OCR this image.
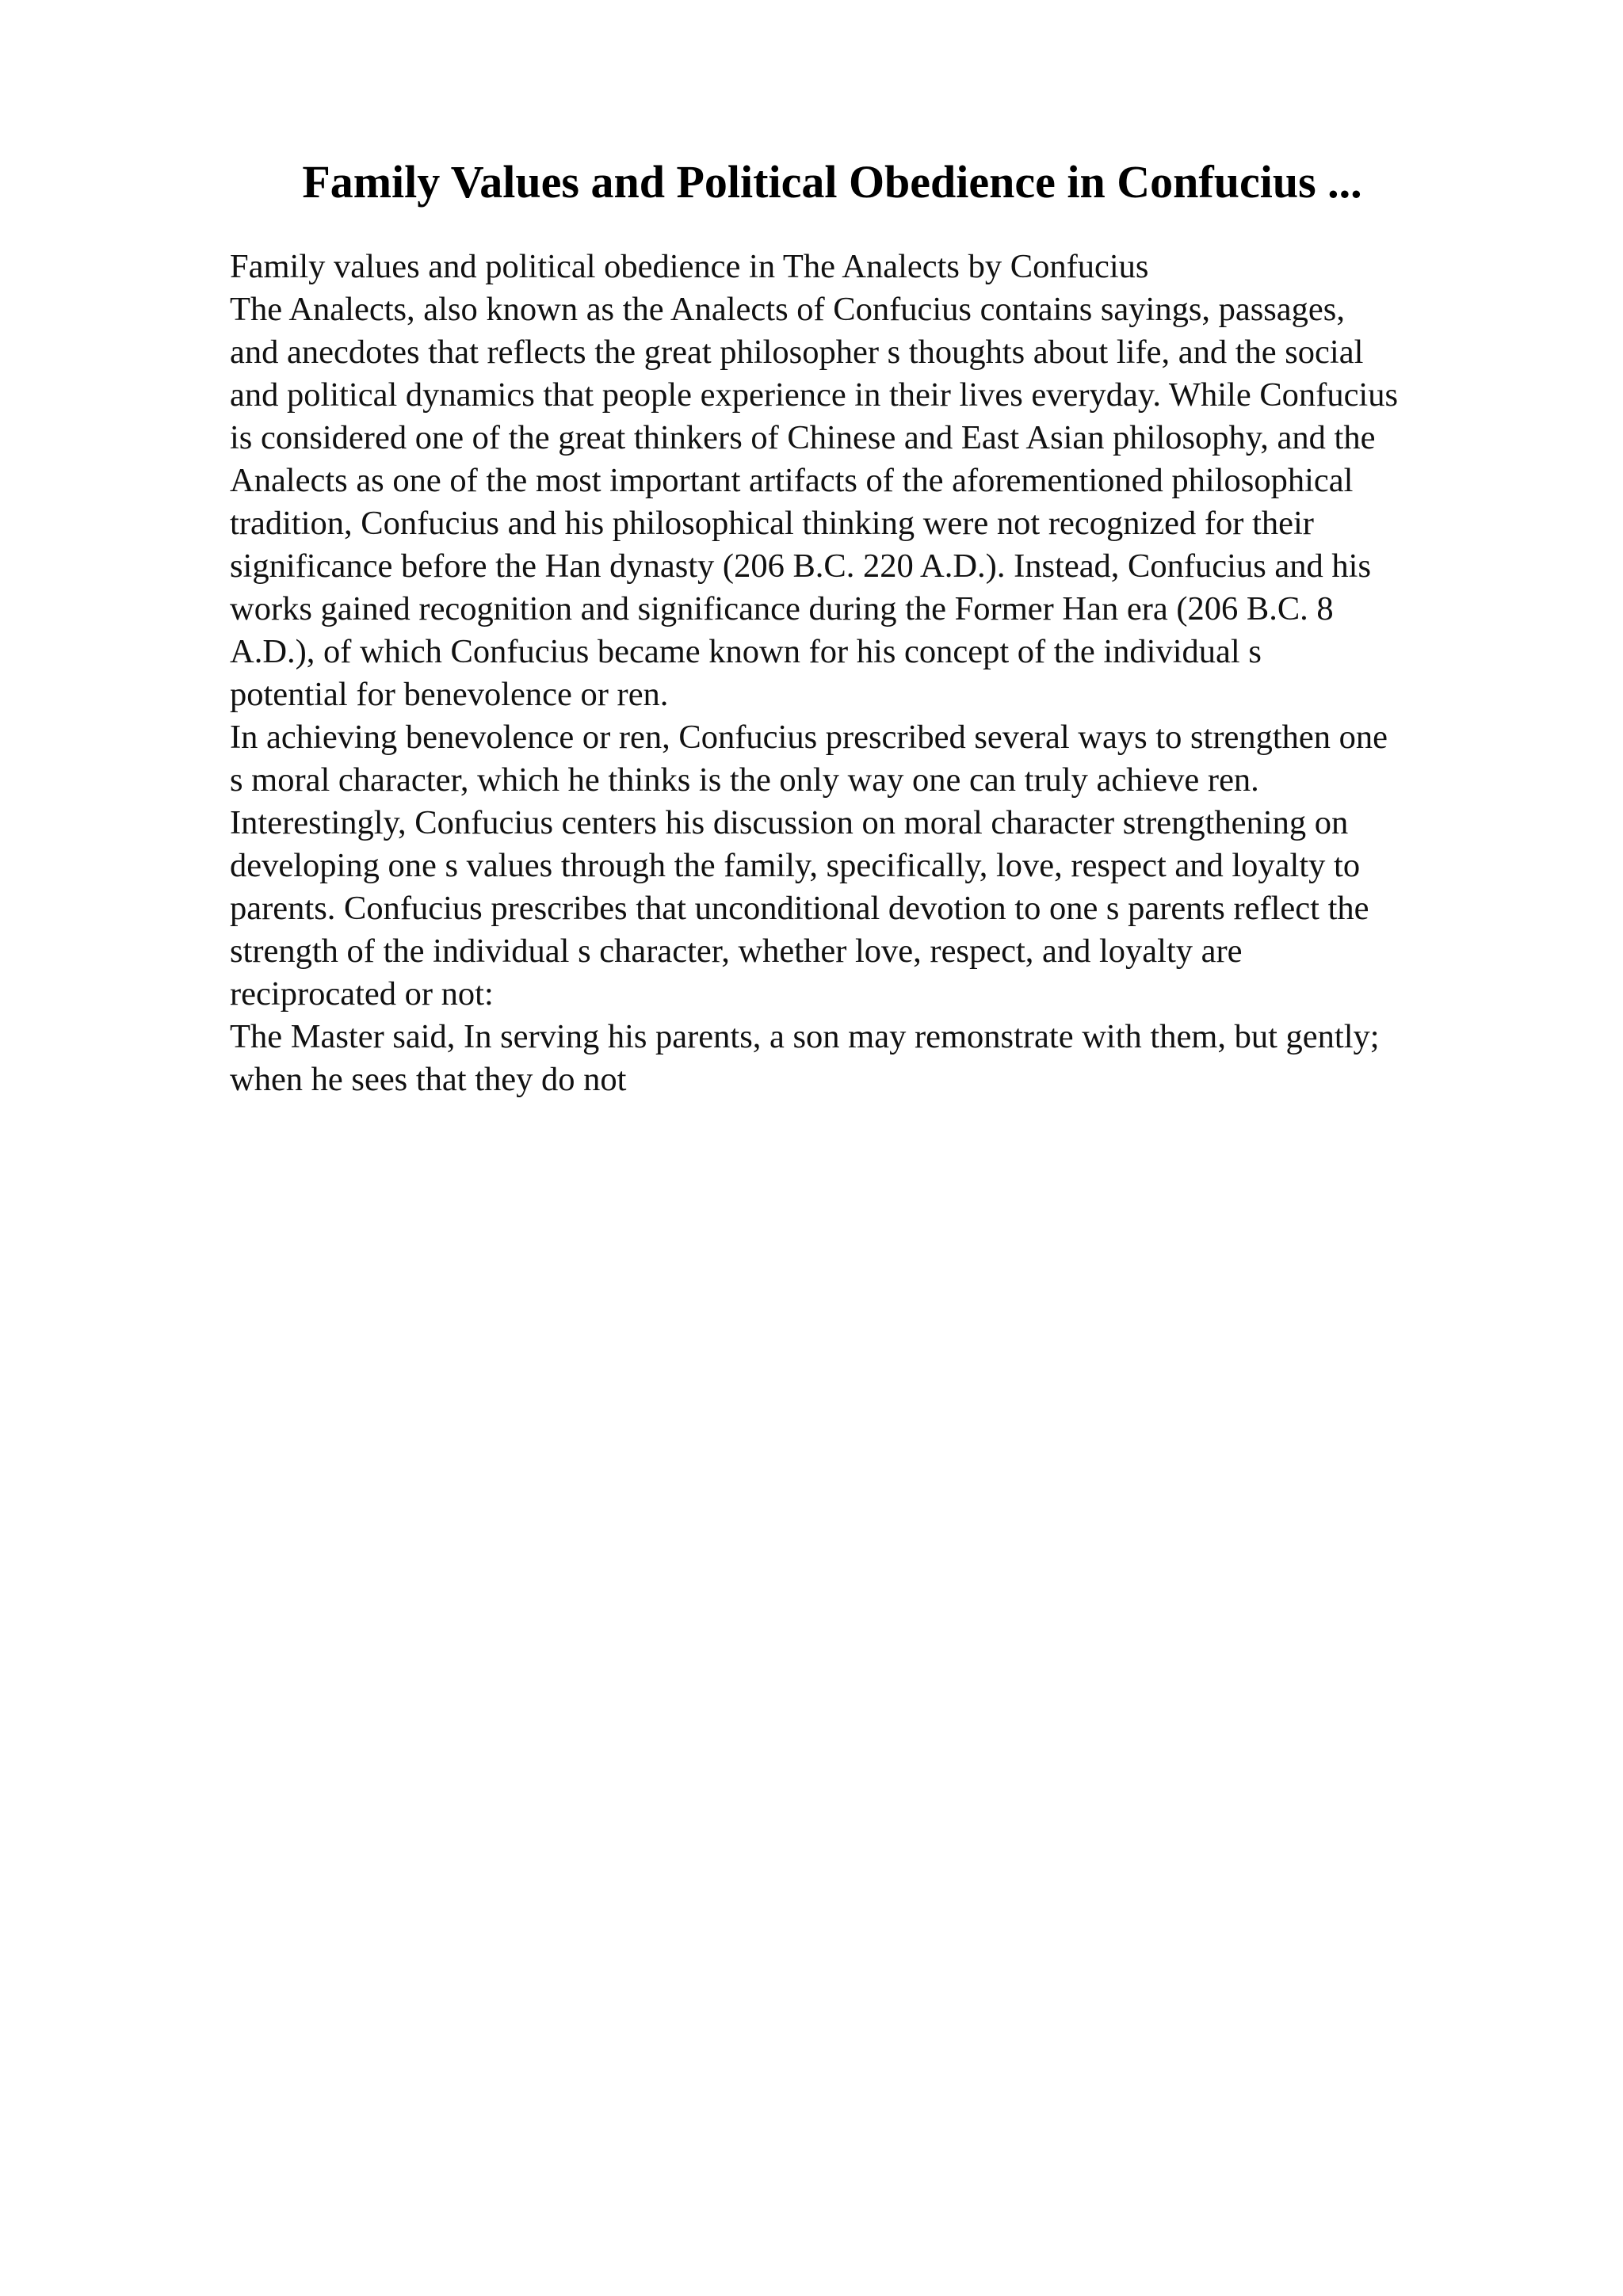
Family Values and Political Obedience in Confucius ...
Family values and political obedience in The Analects by Confucius
The Analects, also known as the Analects of Confucius contains sayings, passages,
and anecdotes that reflects the great philosopher s thoughts about life, and the social
and political dynamics that people experience in their lives everyday. While Confucius
is considered one of the great thinkers of Chinese and East Asian philosophy, and the
Analects as one of the most important artifacts of the aforementioned philosophical
tradition, Confucius and his philosophical thinking were not recognized for their
significance before the Han dynasty (206 B.C. 220 A.D.). Instead, Confucius and his
works gained recognition and significance during the Former Han era (206 B.C. 8
A.D.), of which Confucius became known for his concept of the individual s
potential for benevolence or ren.
In achieving benevolence or ren, Confucius prescribed several ways to strengthen one
s moral character, which he thinks is the only way one can truly achieve ren.
Interestingly, Confucius centers his discussion on moral character strengthening on
developing one s values through the family, specifically, love, respect and loyalty to
parents. Confucius prescribes that unconditional devotion to one s parents reflect the
strength of the individual s character, whether love, respect, and loyalty are
reciprocated or not:
The Master said, In serving his parents, a son may remonstrate with them, but gently;
when he sees that they do not
